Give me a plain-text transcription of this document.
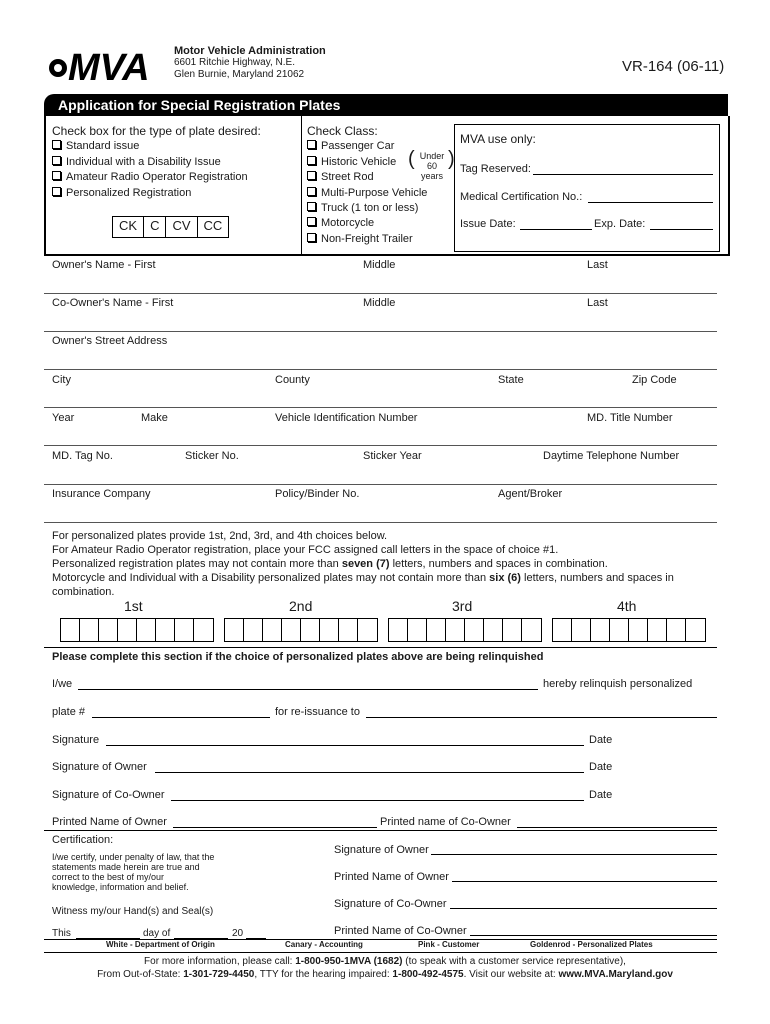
MVA Motor Vehicle Administration
6601 Ritchie Highway, N.E.
Glen Burnie, Maryland 21062	VR-164 (06-11)
Application for Special Registration Plates
Check box for the type of plate desired:
Standard issue
Individual with a Disability Issue
Amateur Radio Operator Registration
Personalized Registration
CK	C	CV	CC
Check Class:
Passenger Car
Historic Vehicle ( Under
60 years
)
Street Rod
Multi-Purpose Vehicle
Truck (1 ton or less)
Motorcycle
Non-Freight Trailer
MVA use only:
Tag Reserved:
Medical Certification No.:
Issue Date:	Exp. Date:
Owner's Name - First	Middle	Last
Co-Owner's Name - First	Middle	Last
Owner's Street Address
City	County	State	Zip Code
Year	Make	Vehicle Identification Number	MD. Title Number
MD. Tag No.	Sticker No.	Sticker Year	Daytime Telephone Number
Insurance Company	Policy/Binder No.	Agent/Broker
For personalized plates provide 1st, 2nd, 3rd, and 4th choices below.
For Amateur Radio Operator registration, place your FCC assigned call letters in the space of choice #1.
Personalized registration plates may not contain more than seven (7) letters, numbers and spaces in combination.
Motorcycle and Individual with a Disability personalized plates may not contain more than six (6) letters, numbers and spaces in
combination.
1st	2nd	3rd	4th
Please complete this section if the choice of personalized plates above are being relinquished
I/we	hereby relinquish personalized
plate #	for re-issuance to
Signature	Date
Signature of Owner	Date
Signature of Co-Owner	Date
Printed Name of Owner	Printed name of Co-Owner
Certification:
I/we certify, under penalty of law, that the
statements made herein are true and
correct to the best of my/our
knowledge, information and belief.
Witness my/our Hand(s) and Seal(s)
This	day of	20
Signature of Owner
Printed Name of Owner
Signature of Co-Owner
Printed Name of Co-Owner
White - Department of Origin	Canary - Accounting	Pink - Customer	Goldenrod - Personalized Plates
For more information, please call: 1-800-950-1MVA (1682) (to speak with a customer service representative),
From Out-of-State: 1-301-729-4450, TTY for the hearing impaired: 1-800-492-4575. Visit our website at: www.MVA.Maryland.gov
